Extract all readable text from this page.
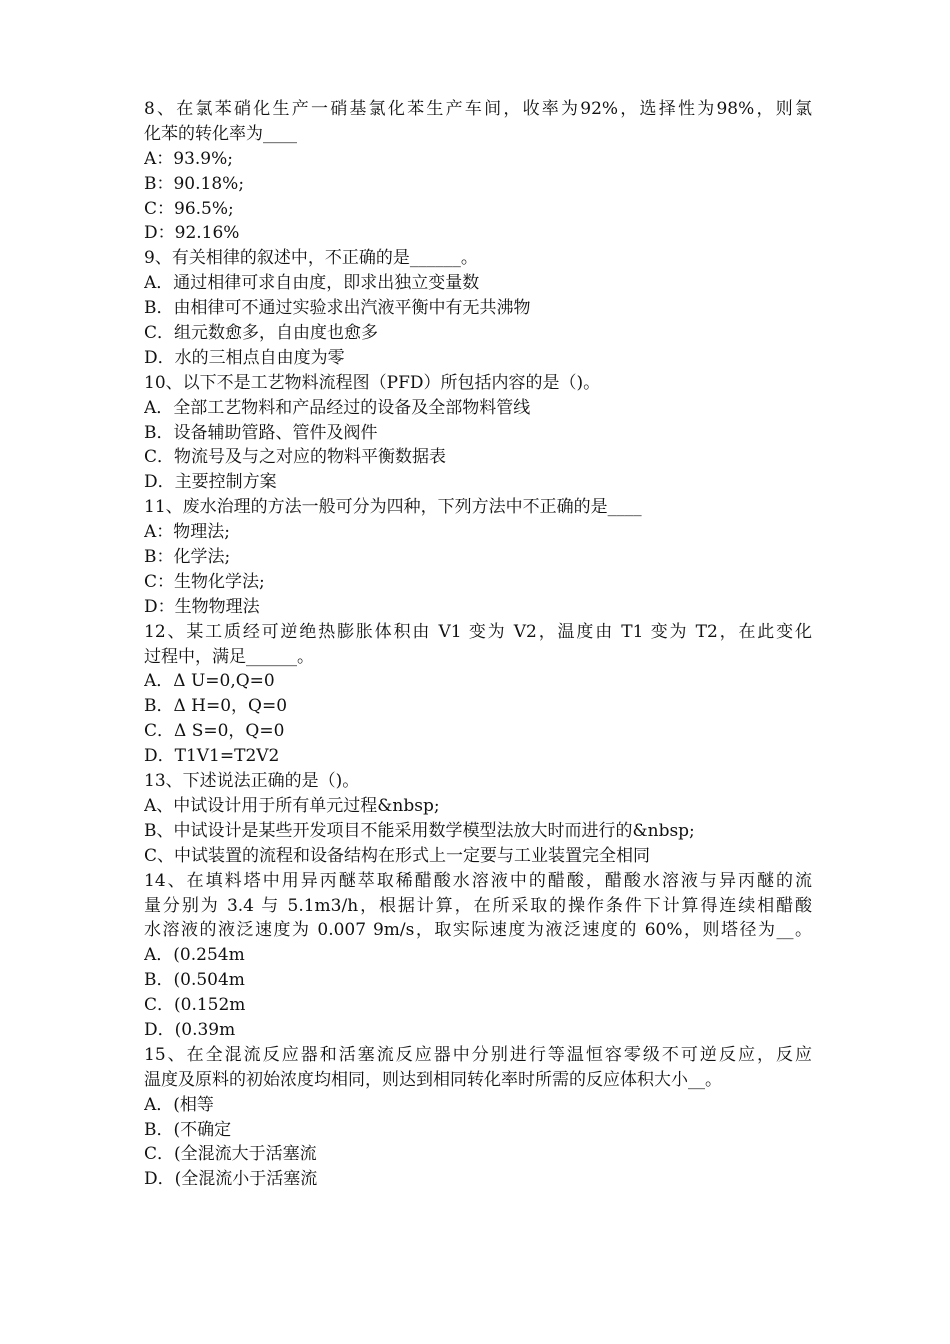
8、在氯苯硝化生产一硝基氯化苯生产车间，收率为92%，选择性为98%，则氯
化苯的转化率为____
A：93.9%;
B：90.18%;
C：96.5%;
D：92.16%
9、有关相律的叙述中，不正确的是______。
A．通过相律可求自由度，即求出独立变量数
B．由相律可不通过实验求出汽液平衡中有无共沸物
C．组元数愈多，自由度也愈多
D．水的三相点自由度为零
10、以下不是工艺物料流程图（PFD）所包括内容的是（)。
A．全部工艺物料和产品经过的设备及全部物料管线
B．设备辅助管路、管件及阀件
C．物流号及与之对应的物料平衡数据表
D．主要控制方案
11、废水治理的方法一般可分为四种，下列方法中不正确的是____
A：物理法;
B：化学法;
C：生物化学法;
D：生物物理法
12、某工质经可逆绝热膨胀体积由 V1 变为 V2，温度由 T1 变为 T2，在此变化
过程中，满足______。
A．Δ U=0,Q=0
B．Δ H=0，Q=0
C．Δ S=0，Q=0
D．T1V1=T2V2
13、下述说法正确的是（)。
A、中试设计用于所有单元过程&nbsp;
B、中试设计是某些开发项目不能采用数学模型法放大时而进行的&nbsp;
C、中试装置的流程和设备结构在形式上一定要与工业装置完全相同
14、在填料塔中用异丙醚萃取稀醋酸水溶液中的醋酸，醋酸水溶液与异丙醚的流
量分别为 3.4 与 5.1m3/h，根据计算，在所采取的操作条件下计算得连续相醋酸
水溶液的液泛速度为 0.007 9m/s，取实际速度为液泛速度的 60%，则塔径为__。
A．(0.254m
B．(0.504m
C．(0.152m
D．(0.39m
15、在全混流反应器和活塞流反应器中分别进行等温恒容零级不可逆反应，反应
温度及原料的初始浓度均相同，则达到相同转化率时所需的反应体积大小__。
A．(相等
B．(不确定
C．(全混流大于活塞流
D．(全混流小于活塞流
